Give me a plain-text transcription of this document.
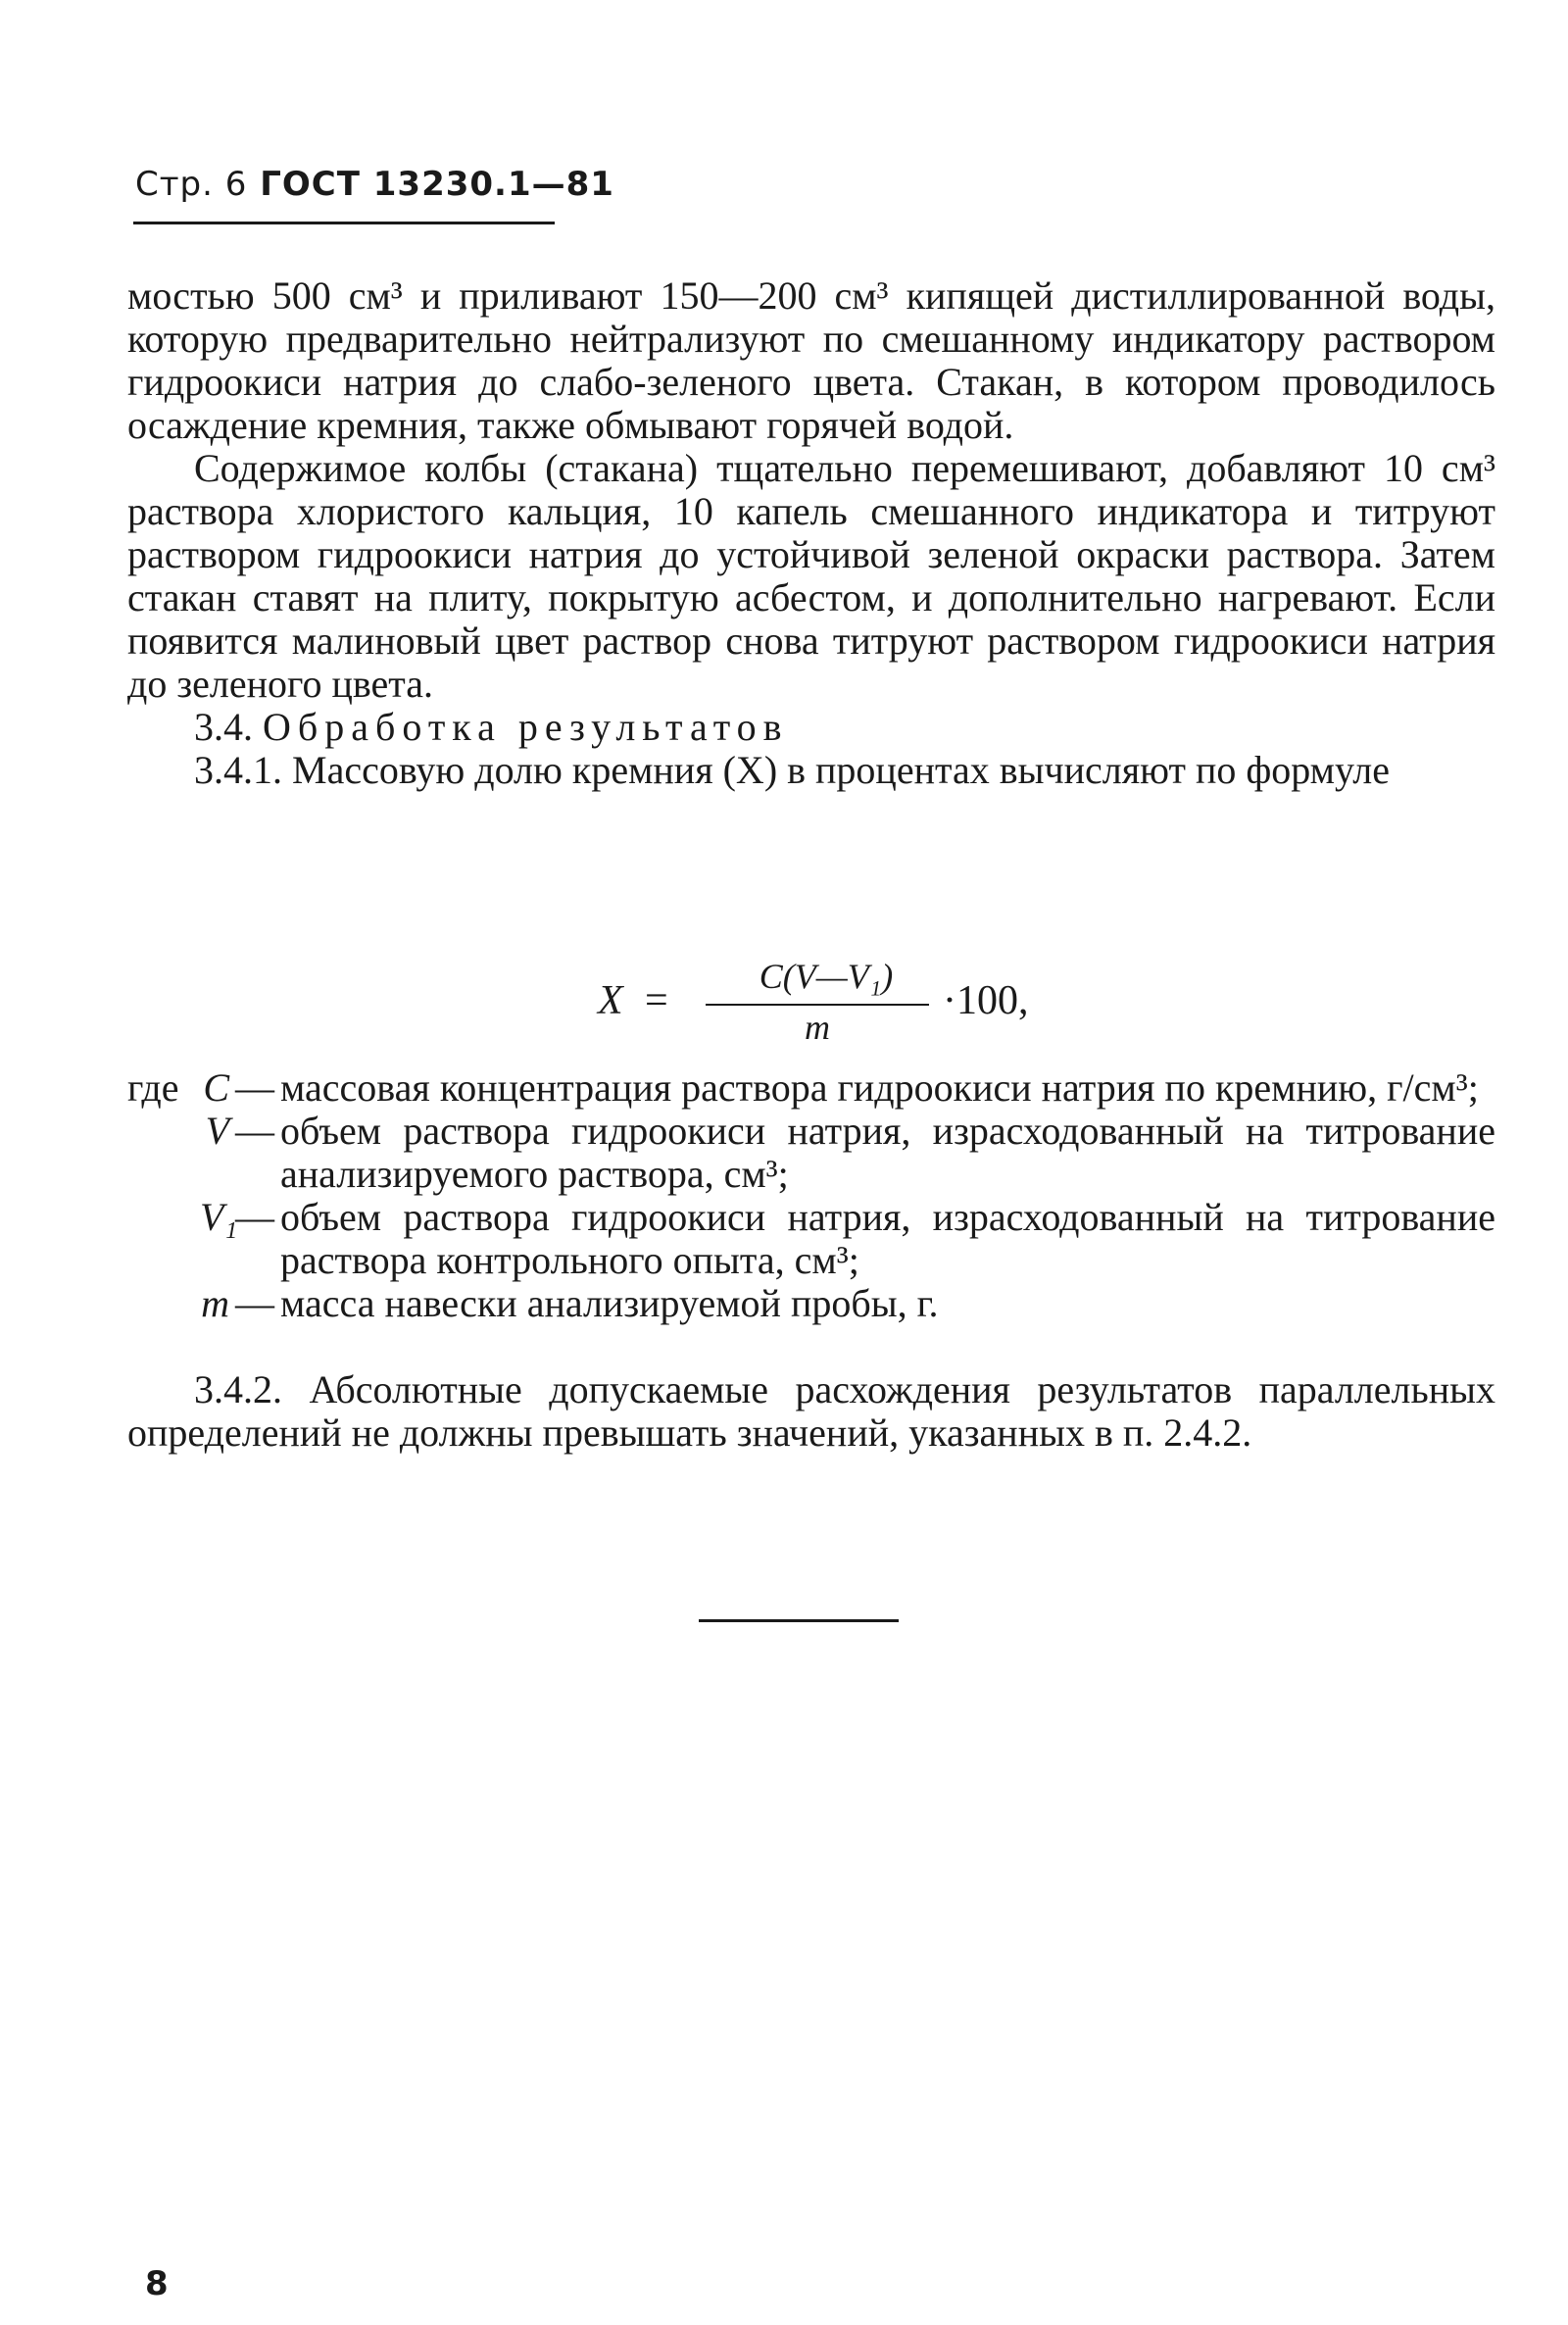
Стр. 6 ГОСТ 13230.1—81

мостью 500 см³ и приливают 150—200 см³ кипящей дистиллированной воды, которую предварительно нейтрализуют по смешанному индикатору раствором гидроокиси натрия до слабо-зеленого цвета. Стакан, в котором проводилось осаждение кремния, также обмывают горячей водой.

Содержимое колбы (стакана) тщательно перемешивают, добавляют 10 см³ раствора хлористого кальция, 10 капель смешанного индикатора и титруют раствором гидроокиси натрия до устойчивой зеленой окраски раствора. Затем стакан ставят на плиту, покрытую асбестом, и дополнительно нагревают. Если появится малиновый цвет раствор снова титруют раствором гидроокиси натрия до зеленого цвета.

3.4. Обработка результатов

3.4.1. Массовую долю кремния (X) в процентах вычисляют по формуле

X =
C(V—V₁)
m
·100,
где C — массовая концентрация раствора гидроокиси натрия по кремнию, г/см³;
V — объем раствора гидроокиси натрия, израсходованный на титрование анализируемого раствора, см³;
V₁
— объем раствора гидроокиси натрия, израсходованный на титрование раствора контрольного опыта, см³;
m — масса навески анализируемой пробы, г.

3.4.2. Абсолютные допускаемые расхождения результатов параллельных определений не должны превышать значений, указанных в п. 2.4.2.

8
